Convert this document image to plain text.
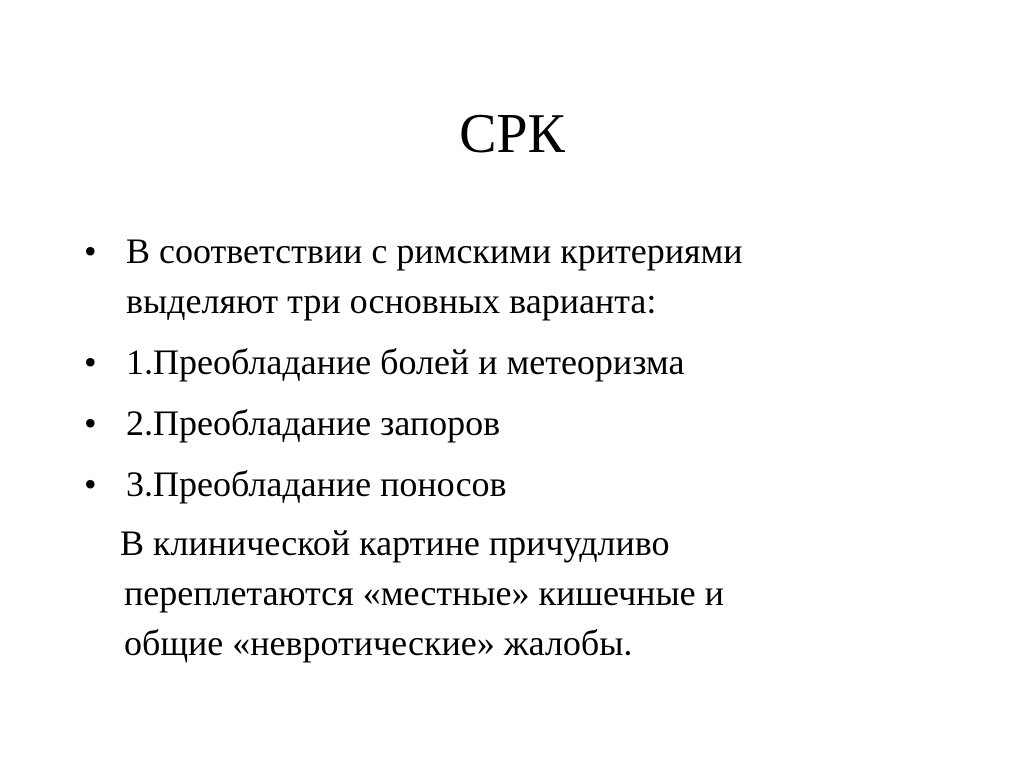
СРК
• В соответствии с римскими критериями
выделяют три основных варианта:
• 1.Преобладание болей и метеоризма
• 2.Преобладание запоров
• 3.Преобладание поносов
В клинической картине причудливо
переплетаются «местные» кишечные и
общие «невротические» жалобы.
